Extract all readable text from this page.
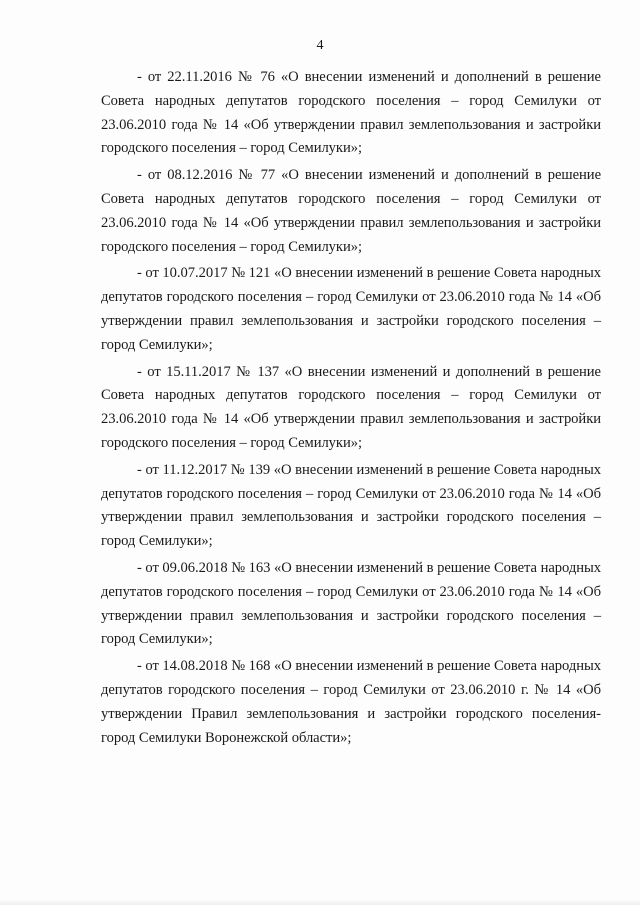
4

- от 22.11.2016 № 76 «О внесении изменений и дополнений в решение Совета народных депутатов городского поселения – город Семилуки от 23.06.2010 года № 14 «Об утверждении правил землепользования и застройки городского поселения – город Семилуки»;

- от 08.12.2016 № 77 «О внесении изменений и дополнений в решение Совета народных депутатов городского поселения – город Семилуки от 23.06.2010 года № 14 «Об утверждении правил землепользования и застройки городского поселения – город Семилуки»;

- от 10.07.2017 № 121 «О внесении изменений в решение Совета народных депутатов городского поселения – город Семилуки от 23.06.2010 года № 14 «Об утверждении правил землепользования и застройки городского поселения – город Семилуки»;

- от 15.11.2017 № 137 «О внесении изменений и дополнений в решение Совета народных депутатов городского поселения – город Семилуки от 23.06.2010 года № 14 «Об утверждении правил землепользования и застройки городского поселения – город Семилуки»;

- от 11.12.2017 № 139 «О внесении изменений в решение Совета народных депутатов городского поселения – город Семилуки от 23.06.2010 года № 14 «Об утверждении правил землепользования и застройки городского поселения – город Семилуки»;

- от 09.06.2018 № 163 «О внесении изменений в решение Совета народных депутатов городского поселения – город Семилуки от 23.06.2010 года № 14 «Об утверждении правил землепользования и застройки городского поселения – город Семилуки»;

- от 14.08.2018 № 168 «О внесении изменений в решение Совета народных депутатов городского поселения – город Семилуки от 23.06.2010 г. № 14 «Об утверждении Правил землепользования и застройки городского поселения- город Семилуки Воронежской области»;
